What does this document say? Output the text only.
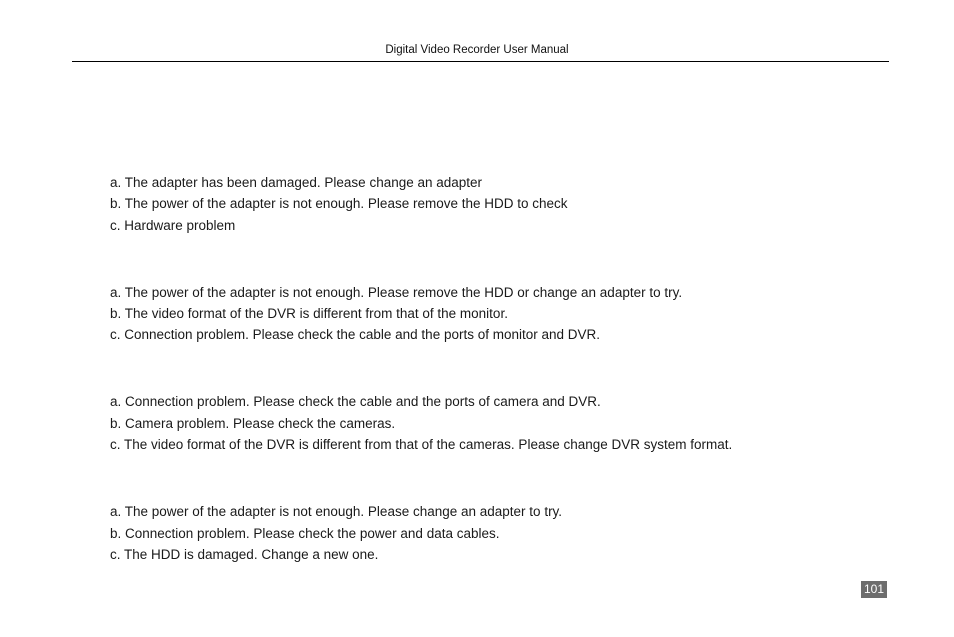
Digital Video Recorder User Manual
a. The adapter has been damaged. Please change an adapter
b. The power of the adapter is not enough. Please remove the HDD to check
c. Hardware problem
a. The power of the adapter is not enough. Please remove the HDD or change an adapter to try.
b. The video format of the DVR is different from that of the monitor.
c. Connection problem. Please check the cable and the ports of monitor and DVR.
a. Connection problem. Please check the cable and the ports of camera and DVR.
b. Camera problem. Please check the cameras.
c. The video format of the DVR is different from that of the cameras. Please change DVR system format.
a. The power of the adapter is not enough. Please change an adapter to try.
b. Connection problem. Please check the power and data cables.
c. The HDD is damaged. Change a new one.
101
